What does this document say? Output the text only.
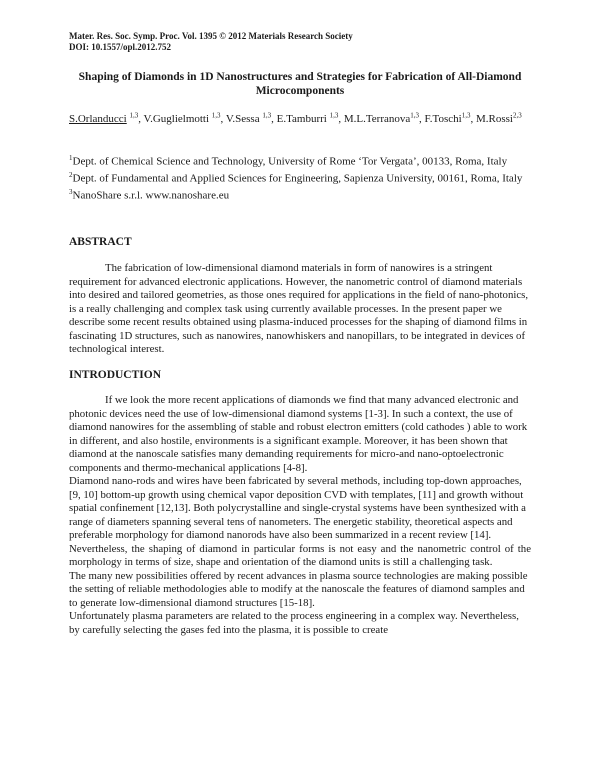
Mater. Res. Soc. Symp. Proc. Vol. 1395 © 2012 Materials Research Society
DOI: 10.1557/opl.2012.752
Shaping of Diamonds in 1D Nanostructures and Strategies for Fabrication of All-Diamond Microcomponents
S.Orlanducci $^{1,3}$, V.Guglielmotti $^{1,3}$, V.Sessa $^{1,3}$, E.Tamburri $^{1,3}$, M.L.Terranova$^{1,3}$, F.Toschi$^{1,3}$, M.Rossi$^{2,3}$
$^1$Dept. of Chemical Science and Technology, University of Rome ‘Tor Vergata’, 00133, Roma, Italy
$^2$Dept. of Fundamental and Applied Sciences for Engineering, Sapienza University, 00161, Roma, Italy
$^3$NanoShare s.r.l. www.nanoshare.eu
ABSTRACT

The fabrication of low-dimensional diamond materials in form of nanowires is a stringent requirement for advanced electronic applications. However, the nanometric control of diamond materials into desired and tailored geometries, as those ones required for applications in the field of nano-photonics, is a really challenging and complex task using currently available processes. In the present paper we describe some recent results obtained using plasma-induced processes for the shaping of diamond films in fascinating 1D structures, such as nanowires, nanowhiskers and nanopillars, to be integrated in devices of technological interest.

INTRODUCTION

If we look the more recent applications of diamonds we find that many advanced electronic and photonic devices need the use of low-dimensional diamond systems [1-3]. In such a context, the use of diamond nanowires for the assembling of stable and robust electron emitters (cold cathodes ) able to work in different, and also hostile, environments is a significant example. Moreover, it has been shown that diamond at the nanoscale satisfies many demanding requirements for micro-and nano-optoelectronic components and thermo-mechanical applications [4-8].

Diamond nano-rods and wires have been fabricated by several methods, including top-down approaches,[9, 10] bottom-up growth using chemical vapor deposition CVD with templates, [11] and growth without spatial confinement [12,13]. Both polycrystalline and single-crystal systems have been synthesized with a range of diameters spanning several tens of nanometers. The energetic stability, theoretical aspects and preferable morphology for diamond nanorods have also been summarized in a recent review [14].

Nevertheless, the shaping of diamond in particular forms is not easy and the nanometric control of the morphology in terms of size, shape and orientation of the diamond units is still a challenging task.

The many new possibilities offered by recent advances in plasma source technologies are making possible the setting of reliable methodologies able to modify at the nanoscale the features of diamond samples and to generate low-dimensional diamond structures [15-18].

Unfortunately plasma parameters are related to the process engineering in a complex way. Nevertheless, by carefully selecting the gases fed into the plasma, it is possible to create
